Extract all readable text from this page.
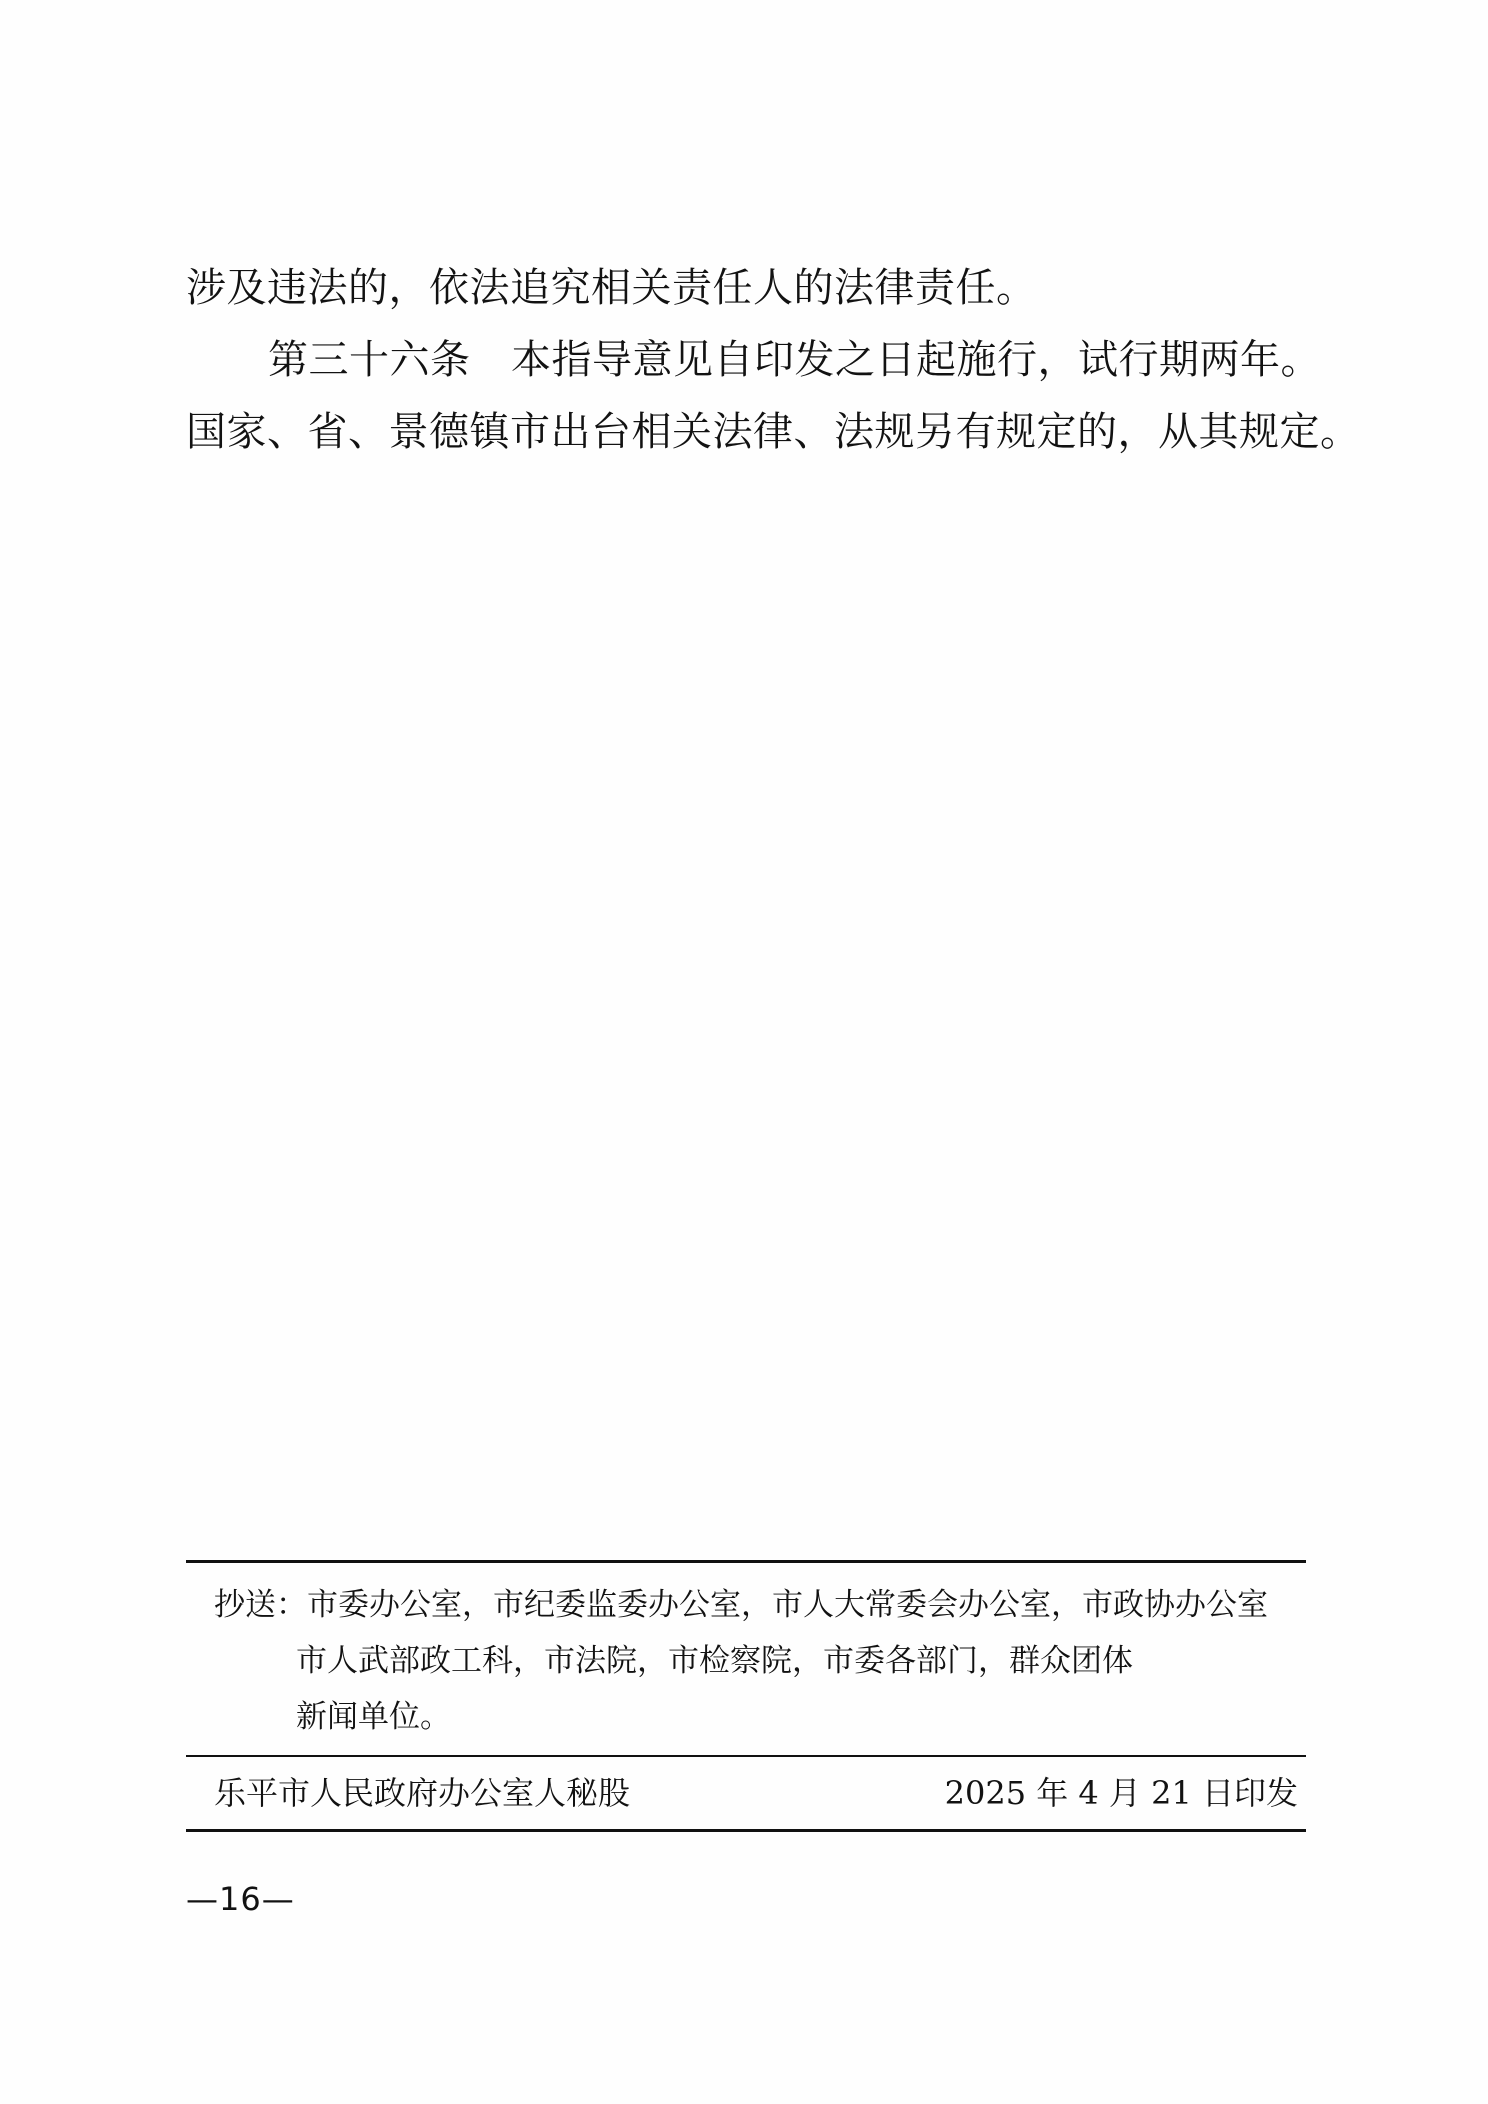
涉及违法的，依法追究相关责任人的法律责任。
第三十六条　本指导意见自印发之日起施行，试行期两年。
国家、省、景德镇市出台相关法律、法规另有规定的，从其规定。
抄送：市委办公室，市纪委监委办公室，市人大常委会办公室，市政协办公室
市人武部政工科，市法院，市检察院，市委各部门，群众团体
新闻单位。
乐平市人民政府办公室人秘股	2025 年 4 月 21 日印发
—16—
